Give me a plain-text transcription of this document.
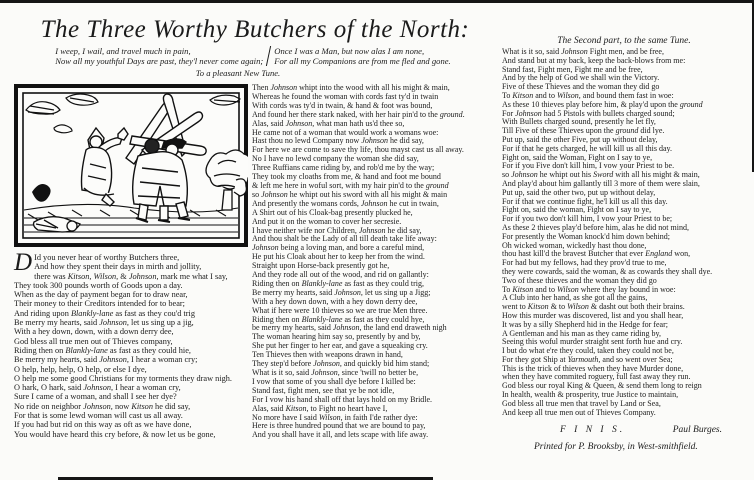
The Three Worthy Butchers of the North:
I weep, I wail, and travel much in pain,
Now all my youthful Days are past, they'l never come again;
Once I was a Man, but now alas I am none,
For all my Companions are from me fled and gone.
To a pleasant New Tune.
The Second part, to the same Tune.
D Id you never hear of worthy Butchers three,
And how they spent their days in mirth and jollity,
there was Kitson, Wilson, & Johnson, mark me what I say,
They took 300 pounds worth of Goods upon a day.
When as the day of payment began for to draw near,
Their money to their Creditors intended for to bear;
And riding upon Blankly-lane as fast as they cou'd trig
Be merry my hearts, said Johnson, let us sing up a jig,
With a hey down, down, with a down derry dee,
God bless all true men out of Thieves company,
Riding then on Blankly-lane as fast as they could hie,
Be merry my hearts, said Johnson, I hear a woman cry;
O help, help, help, O help, or else I dye,
O help me some good Christians for my torments they draw nigh.
O hark, O hark, said Johnson, I hear a woman cry,
Sure I came of a woman, and shall I see her dye?
No ride on neighbor Johnson, now Kitson he did say,
For that is some lewd woman will cast us all away.
If you had but rid on this way as oft as we have done,
You would have heard this cry before, & now let us be gone,
Then Johnson whipt into the wood with all his might & main,
Whereas he found the woman with cords fast ty'd in twain
With cords was ty'd in twain, & hand & foot was bound,
And found her there stark naked, with her hair pin'd to the ground.
Alas, said Johnson, what man hath us'd thee so,
He came not of a woman that would work a womans woe:
Hast thou no lewd Company now Johnson he did say,
For here we are come to save thy life, thou mayst cast us all away.
No I have no lewd company the woman she did say,
Three Ruffians came riding by, and rob'd me by the way;
They took my cloaths from me, & hand and foot me bound
& left me here in woful sort, with my hair pin'd to the ground
so Johnson he whipt out his sword with all his might & main
And presently the womans cords, Johnson he cut in twain,
A Shirt out of his Cloak-bag presently plucked he,
And put it on the woman to cover her secresie.
I have neither wife nor Children, Johnson he did say,
And thou shalt be the Lady of all till death take life away:
Johnson being a loving man, and bore a careful mind,
He put his Cloak about her to keep her from the wind.
Straight upon Horse-back presently got he,
And they rode all out of the wood, and rid on gallantly:
Riding then on Blankly-lane as fast as they could trig,
Be merry my hearts, said Johnson, let us sing up a Jigg;
With a hey down down, with a hey down derry dee,
What if here were 10 thieves so we are true Men three.
Riding then on Blankly-lane as fast as they could hye,
be merry my hearts, said Johnson, the land end draweth nigh
The woman hearing him say so, presently by and by,
She put her finger to her ear, and gave a squeaking cry.
Ten Thieves then with weapons drawn in hand,
They step'd before Johnson, and quickly bid him stand;
What is it so, said Johnson, since 'twill no better be,
I vow that some of you shall dye before I killed be:
Stand fast, fight men, see that ye be not idle,
For I vow his hand shall off that lays hold on my Bridle.
Alas, said Kitson, to Fight no heart have I,
No more have I said Wilson, in faith I'de rather dye:
Here is three hundred pound that we are bound to pay,
And you shall have it all, and lets scape with life away.
What is it so, said Johnson Fight men, and be free,
And stand but at my back, keep the back-blows from me:
Stand fast, Fight men, Fight me and be free,
And by the help of God we shall win the Victory.
Five of these Thieves and the woman they did go
To Kitson and to Wilson, and bound them fast in woe:
As these 10 thieves play before him, & play'd upon the ground
For Johnson had 5 Pistols with bullets charged sound;
With Bullets charged sound, presently he let fly,
Till Five of these Thieves upon the ground did lye.
Put up, said the other Five, put up without delay,
For if that he gets charged, he will kill us all this day.
Fight on, said the Woman, Fight on I say to ye,
For if you Five don't kill him, I vow your Priest to be.
so Johnson he whipt out his Sword with all his might & main,
And play'd about him gallantly till 3 more of them were slain,
Put up, said the other two, put up without delay,
For if that we continue fight, he'l kill us all this day.
Fight on, said the woman, Fight on I say to ye,
For if you two don't kill him, I vow your Priest to be;
As these 2 thieves play'd before him, alas he did not mind,
For presently the Woman knock'd him down behind;
Oh wicked woman, wickedly hast thou done,
thou hast kill'd the bravest Butcher that ever England won,
For had but my fellows, had they prov'd true to me,
they were cowards, said the woman, & as cowards they shall dye.
Two of these thieves and the woman they did go
To Kitson and to Wilson where they lay bound in woe:
A Club into her hand, as she got all the gains,
went to Kitson & to Wilson & dasht out both their brains.
How this murder was discovered, list and you shall hear,
It was by a silly Shepherd hid in the Hedge for fear;
A Gentleman and his man as they came riding by,
Seeing this woful murder straight sent forth hue and cry.
I but do what e're they could, taken they could not be,
For they got Ship at Yarmouth, and so went over Sea;
This is the trick of thieves when they have Murder done,
when they have commited roguery, full fast away they run.
God bless our royal King & Queen, & send them long to reign
In health, wealth & prosperity, true Justice to maintain,
God bless all true men that travel by Land or Sea,
And keep all true men out of Thieves Company.
F I N I S.	Paul Burges.
Printed for P. Brooksby, in West-smithfield.
